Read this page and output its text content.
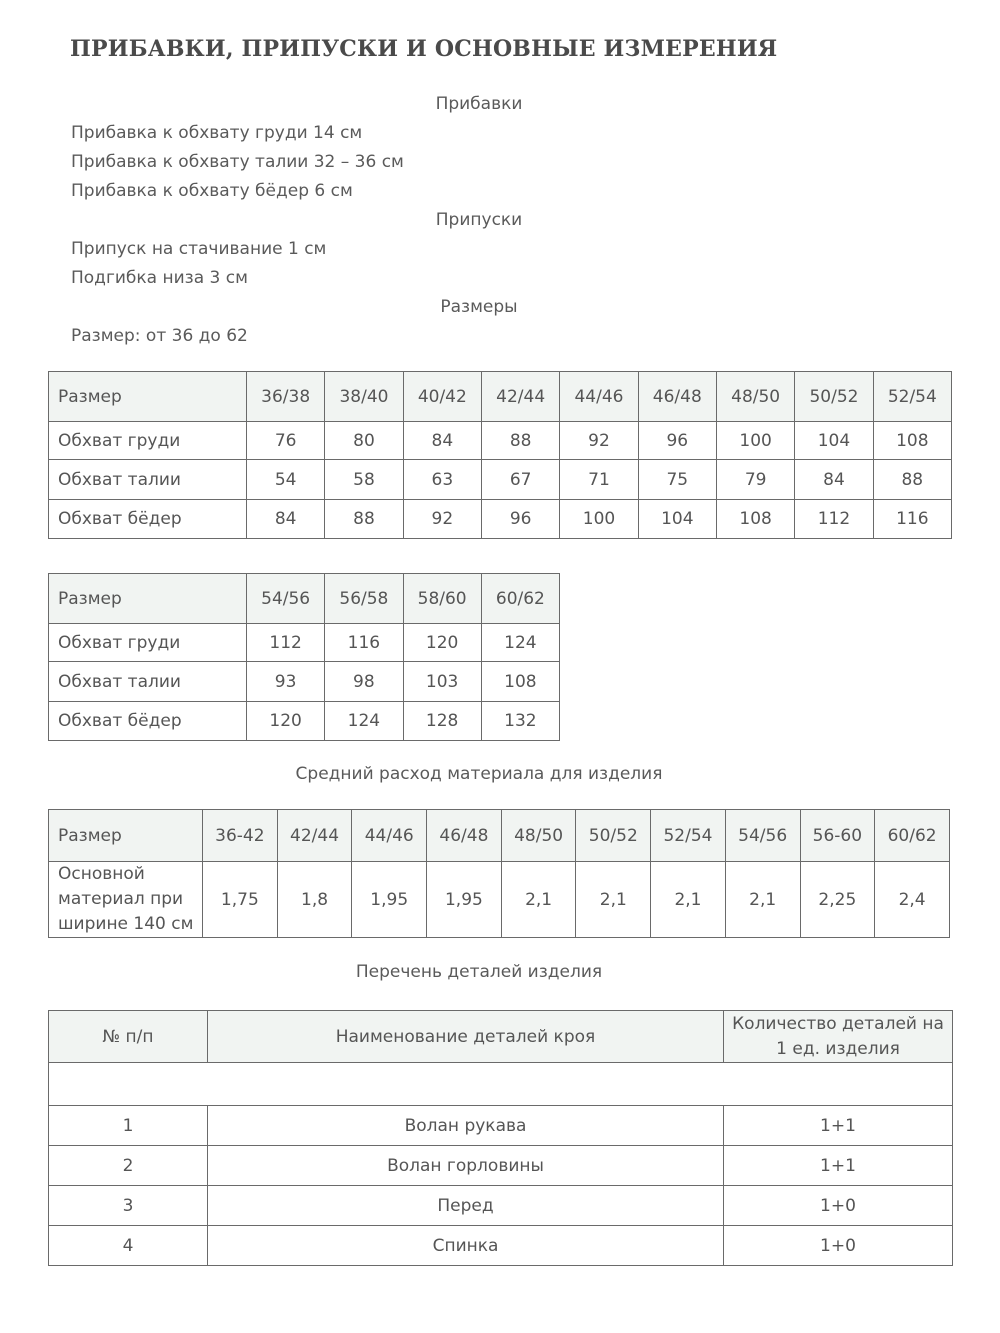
ПРИБАВКИ, ПРИПУСКИ И ОСНОВНЫЕ ИЗМЕРЕНИЯ
Прибавки
Прибавка к обхвату груди 14 см
Прибавка к обхвату талии 32 – 36 см
Прибавка к обхвату бёдер 6 см
Припуски
Припуск на стачивание 1 см
Подгибка низа 3 см
Размеры
Размер: от 36 до 62
Размер	36/38	38/40	40/42	42/44	44/46	46/48	48/50	50/52	52/54
Обхват груди	76	80	84	88	92	96	100	104	108
Обхват талии	54	58	63	67	71	75	79	84	88
Обхват бёдер	84	88	92	96	100	104	108	112	116
Размер	54/56	56/58	58/60	60/62
Обхват груди	112	116	120	124
Обхват талии	93	98	103	108
Обхват бёдер	120	124	128	132
Средний расход материала для изделия
Размер	36-42	42/44	44/46	46/48	48/50	50/52	52/54	54/56	56-60	60/62

Основной
материал при
ширине 140 см	1,75	1,8	1,95	1,95	2,1	2,1	2,1	2,1	2,25	2,4
Перечень деталей изделия
№ п/п	Наименование деталей кроя	Количество деталей на
1 ед. изделия

1	Волан рукава	1+1
2	Волан горловины	1+1
3	Перед	1+0
4	Спинка	1+0
